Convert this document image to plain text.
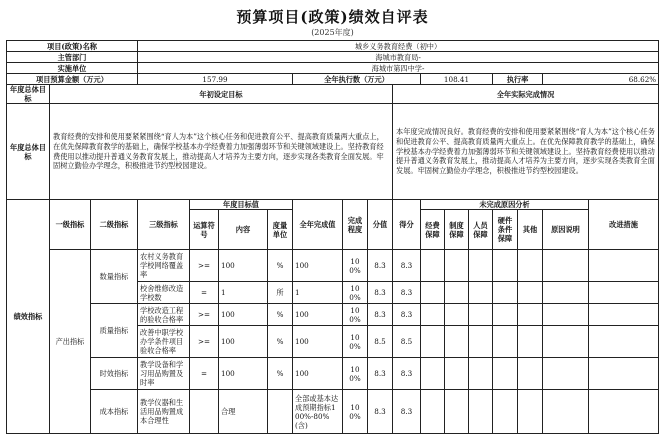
预算项目(政策)绩效自评表
(2025年度)
项目(政策)名称			城乡义务教育经费（初中）														
主管部门			海城市教育局-														
实施单位			海城市第四中学-														
项目预算金额（万元）			157.99				全年执行数（万元）				108.41			执行率		68.62%	
年度总体目标	年初设定目标									全年实际完成情况							
年度总体目标	教育经费的安排和使用要紧紧围绕“育人为本”这个核心任务和促进教育公平、提高教育质量两大重点上，在优先保障教育教学的基础上，确保学校基本办学经费着力加强薄弱环节和关键领域建设上。坚持教育经费使用以推动提升普通义务教育发展上，推动提高人才培养为主要方向，逐步实现各类教育全面发展。牢固树立勤俭办学理念，积极推进节约型校园建设。									本年度完成情况良好。教育经费的安排和使用要紧紧围绕“育人为本”这个核心任务和促进教育公平、提高教育质量两大重点上。在优先保障教育教学的基础上，确保学校基本办学经费着力加强薄弱环节和关键领域建设上。坚持教育经费使用以推动提升普通义务教育发展上，推动提高人才培养为主要方向，逐步实现各类教育全面发展。牢固树立勤俭办学理念，积极推进节约型校园建设。							
绩效指标	一级指标	二级指标	三级指标	年度目标值			全年完成值	完成程度	分值	得分	未完成原因分析						改进措施
				运算符号	内容	度量单位					经费保障	制度保障	人员保障	硬件条件保障	其他	原因说明	
	产出指标	数量指标	农村义务教育学校网络覆盖率	>=	100	%	100	100%	8.3	8.3							
			校舍维修改造学校数	=	1	所	1	100%	8.3	8.3							
		质量指标	学校改造工程的验收合格率	>=	100	%	100	100%	8.3	8.3							
			改善中职学校办学条件项目验收合格率	>=	100	%	100	100%	8.5	8.5							
		时效指标	教学设备和学习用品购置及时率	=	100	%	100	100%	8.3	8.3							
		成本指标	教学仪器和生活用品购置成本合理性		合理		全部或基本达成预期指标100%-80%(含)	100%	8.3	8.3							
